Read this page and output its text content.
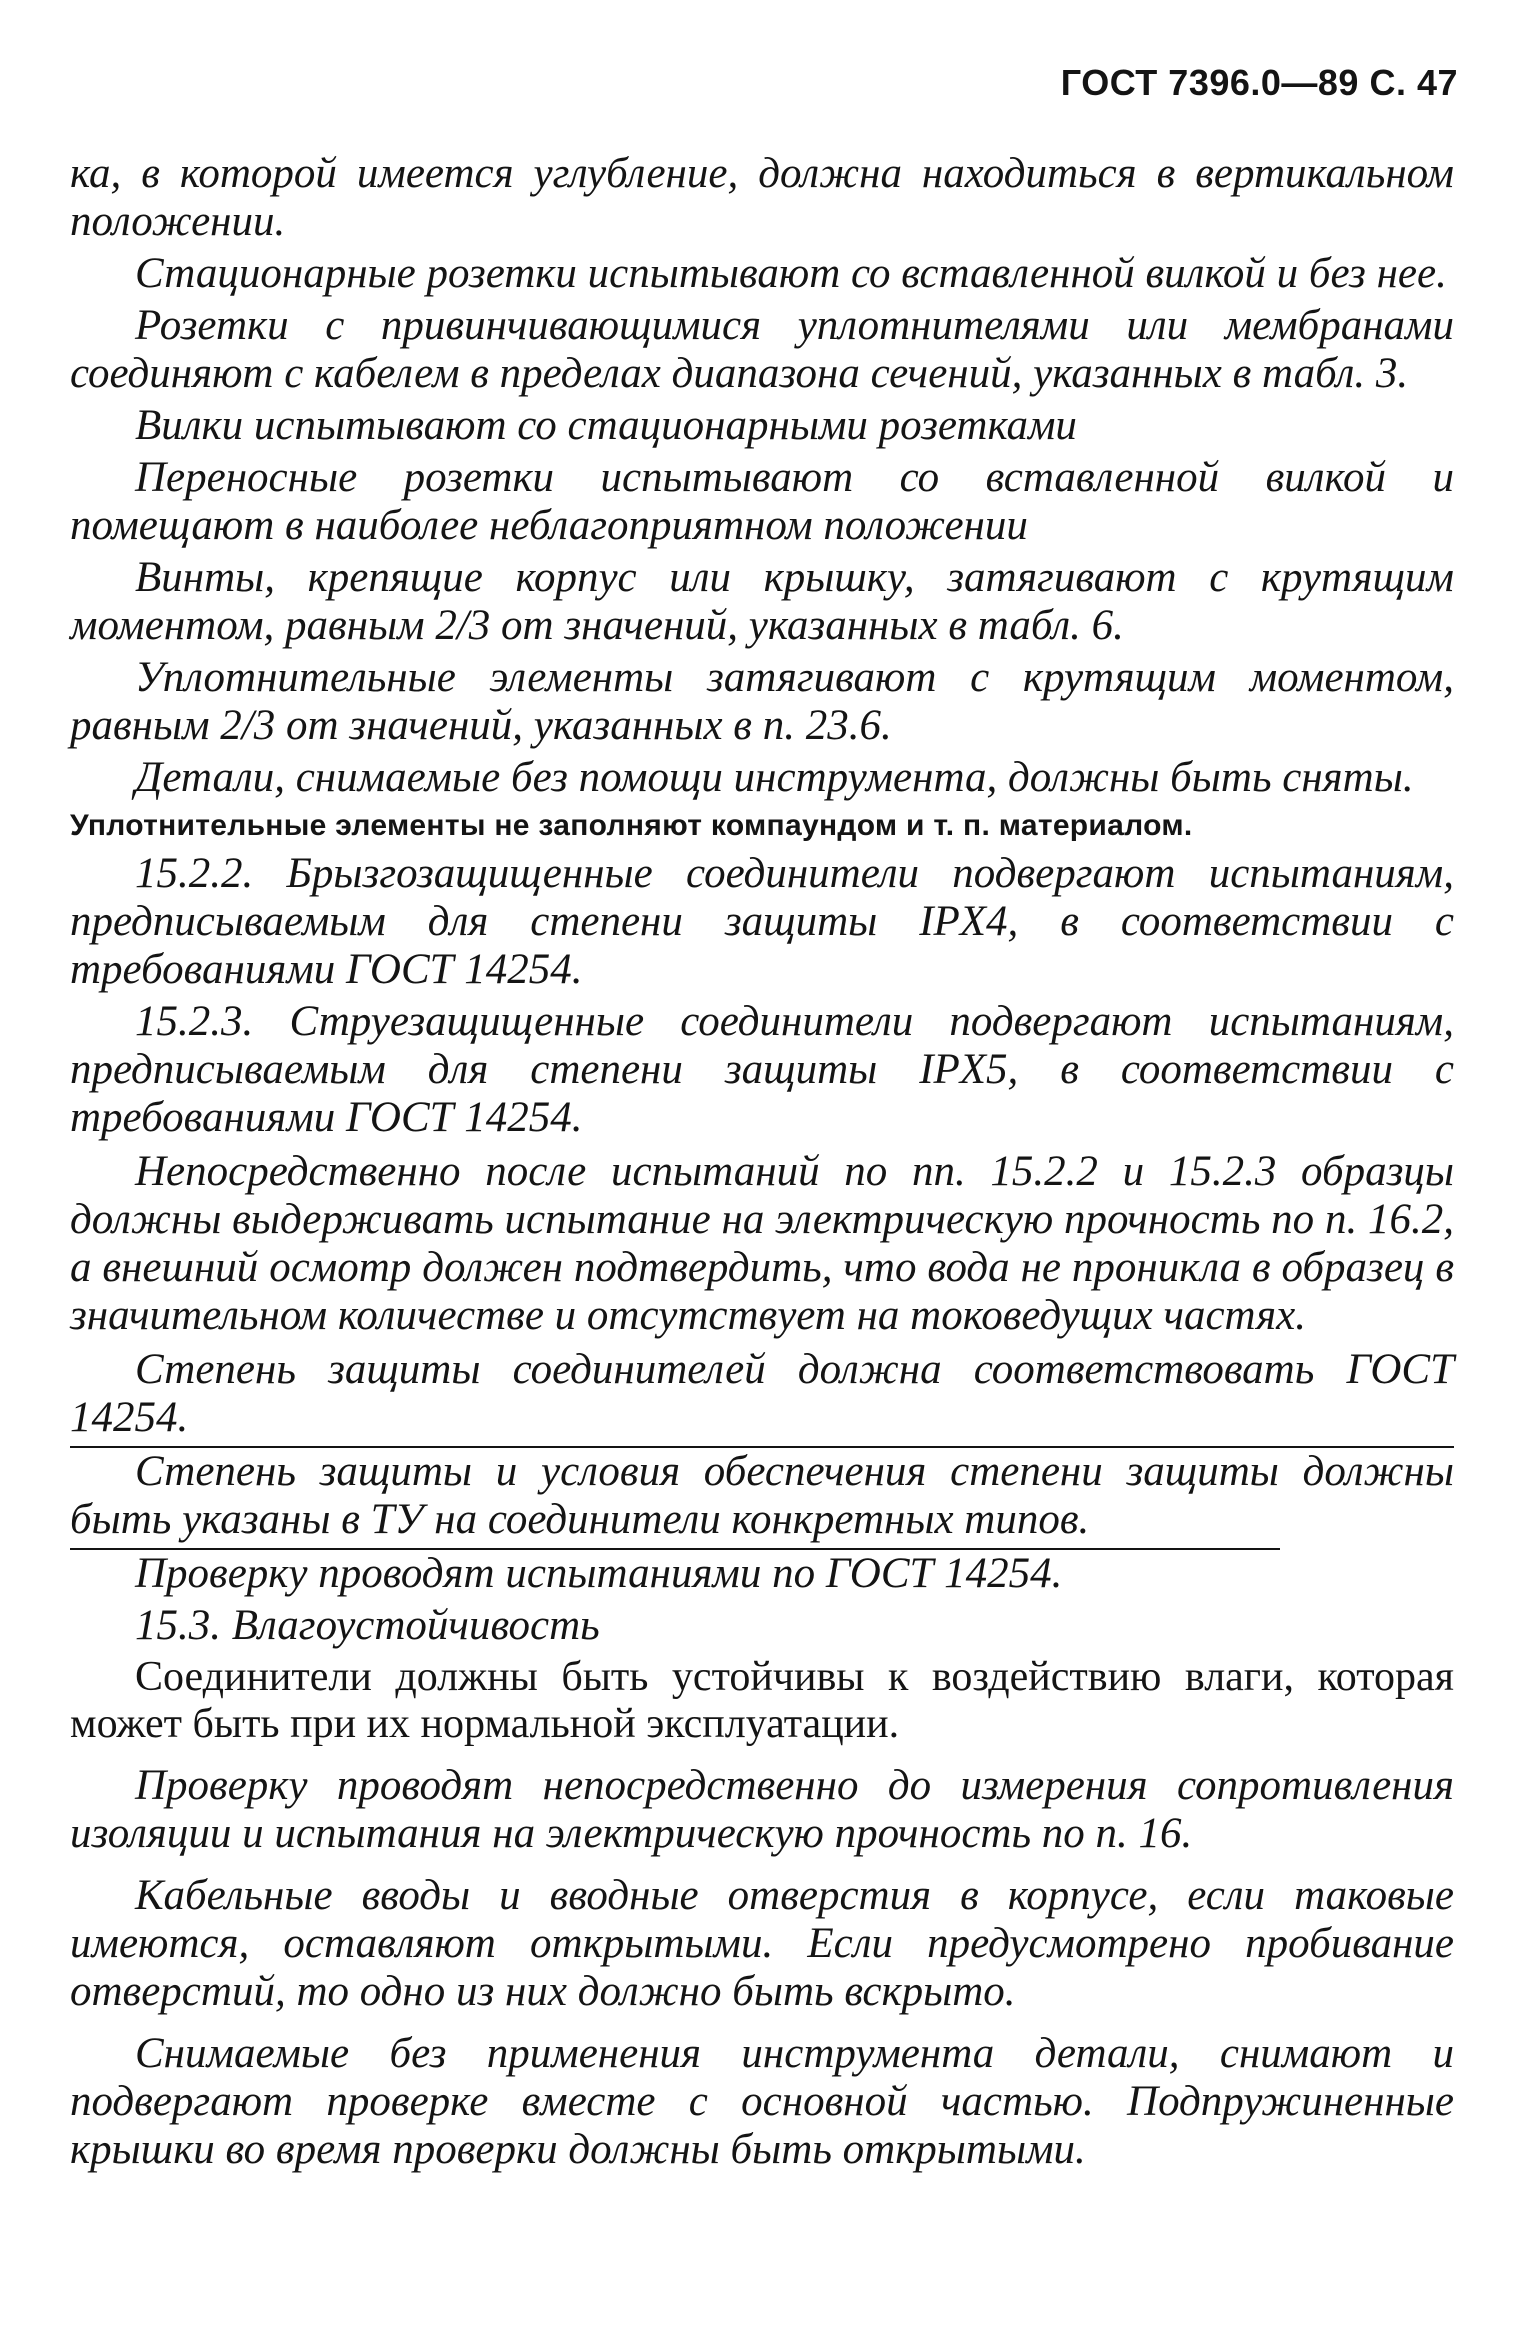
ГОСТ 7396.0—89 С. 47

ка, в которой имеется углубление, должна находиться в вертикальном положении.

Стационарные розетки испытывают со вставленной вилкой и без нее.

Розетки с привинчивающимися уплотнителями или мембранами соединяют с кабелем в пределах диапазона сечений, указанных в табл. 3.

Вилки испытывают со стационарными розетками

Переносные розетки испытывают со вставленной вилкой и помещают в наиболее неблагоприятном положении

Винты, крепящие корпус или крышку, затягивают с крутящим моментом, равным 2/3 от значений, указанных в табл. 6.

Уплотнительные элементы затягивают с крутящим моментом, равным 2/3 от значений, указанных в п. 23.6.

Детали, снимаемые без помощи инструмента, должны быть сняты.

Уплотнительные элементы не заполняют компаундом и т. п. материалом.

15.2.2. Брызгозащищенные соединители подвергают испытаниям, предписываемым для степени защиты IPX4, в соответствии с требованиями ГОСТ 14254.

15.2.3. Струезащищенные соединители подвергают испытаниям, предписываемым для степени защиты IPX5, в соответствии с требованиями ГОСТ 14254.

Непосредственно после испытаний по пп. 15.2.2 и 15.2.3 образцы должны выдерживать испытание на электрическую прочность по п. 16.2, а внешний осмотр должен подтвердить, что вода не проникла в образец в значительном количестве и отсутствует на токоведущих частях.

Степень защиты соединителей должна соответствовать ГОСТ 14254.

Степень защиты и условия обеспечения степени защиты должны быть указаны в ТУ на соединители конкретных типов.

Проверку проводят испытаниями по ГОСТ 14254.

15.3. Влагоустойчивость

Соединители должны быть устойчивы к воздействию влаги, которая может быть при их нормальной эксплуатации.

Проверку проводят непосредственно до измерения сопротивления изоляции и испытания на электрическую прочность по п. 16.

Кабельные вводы и вводные отверстия в корпусе, если таковые имеются, оставляют открытыми. Если предусмотрено пробивание отверстий, то одно из них должно быть вскрыто.

Снимаемые без применения инструмента детали, снимают и подвергают проверке вместе с основной частью. Подпружиненные крышки во время проверки должны быть открытыми.
